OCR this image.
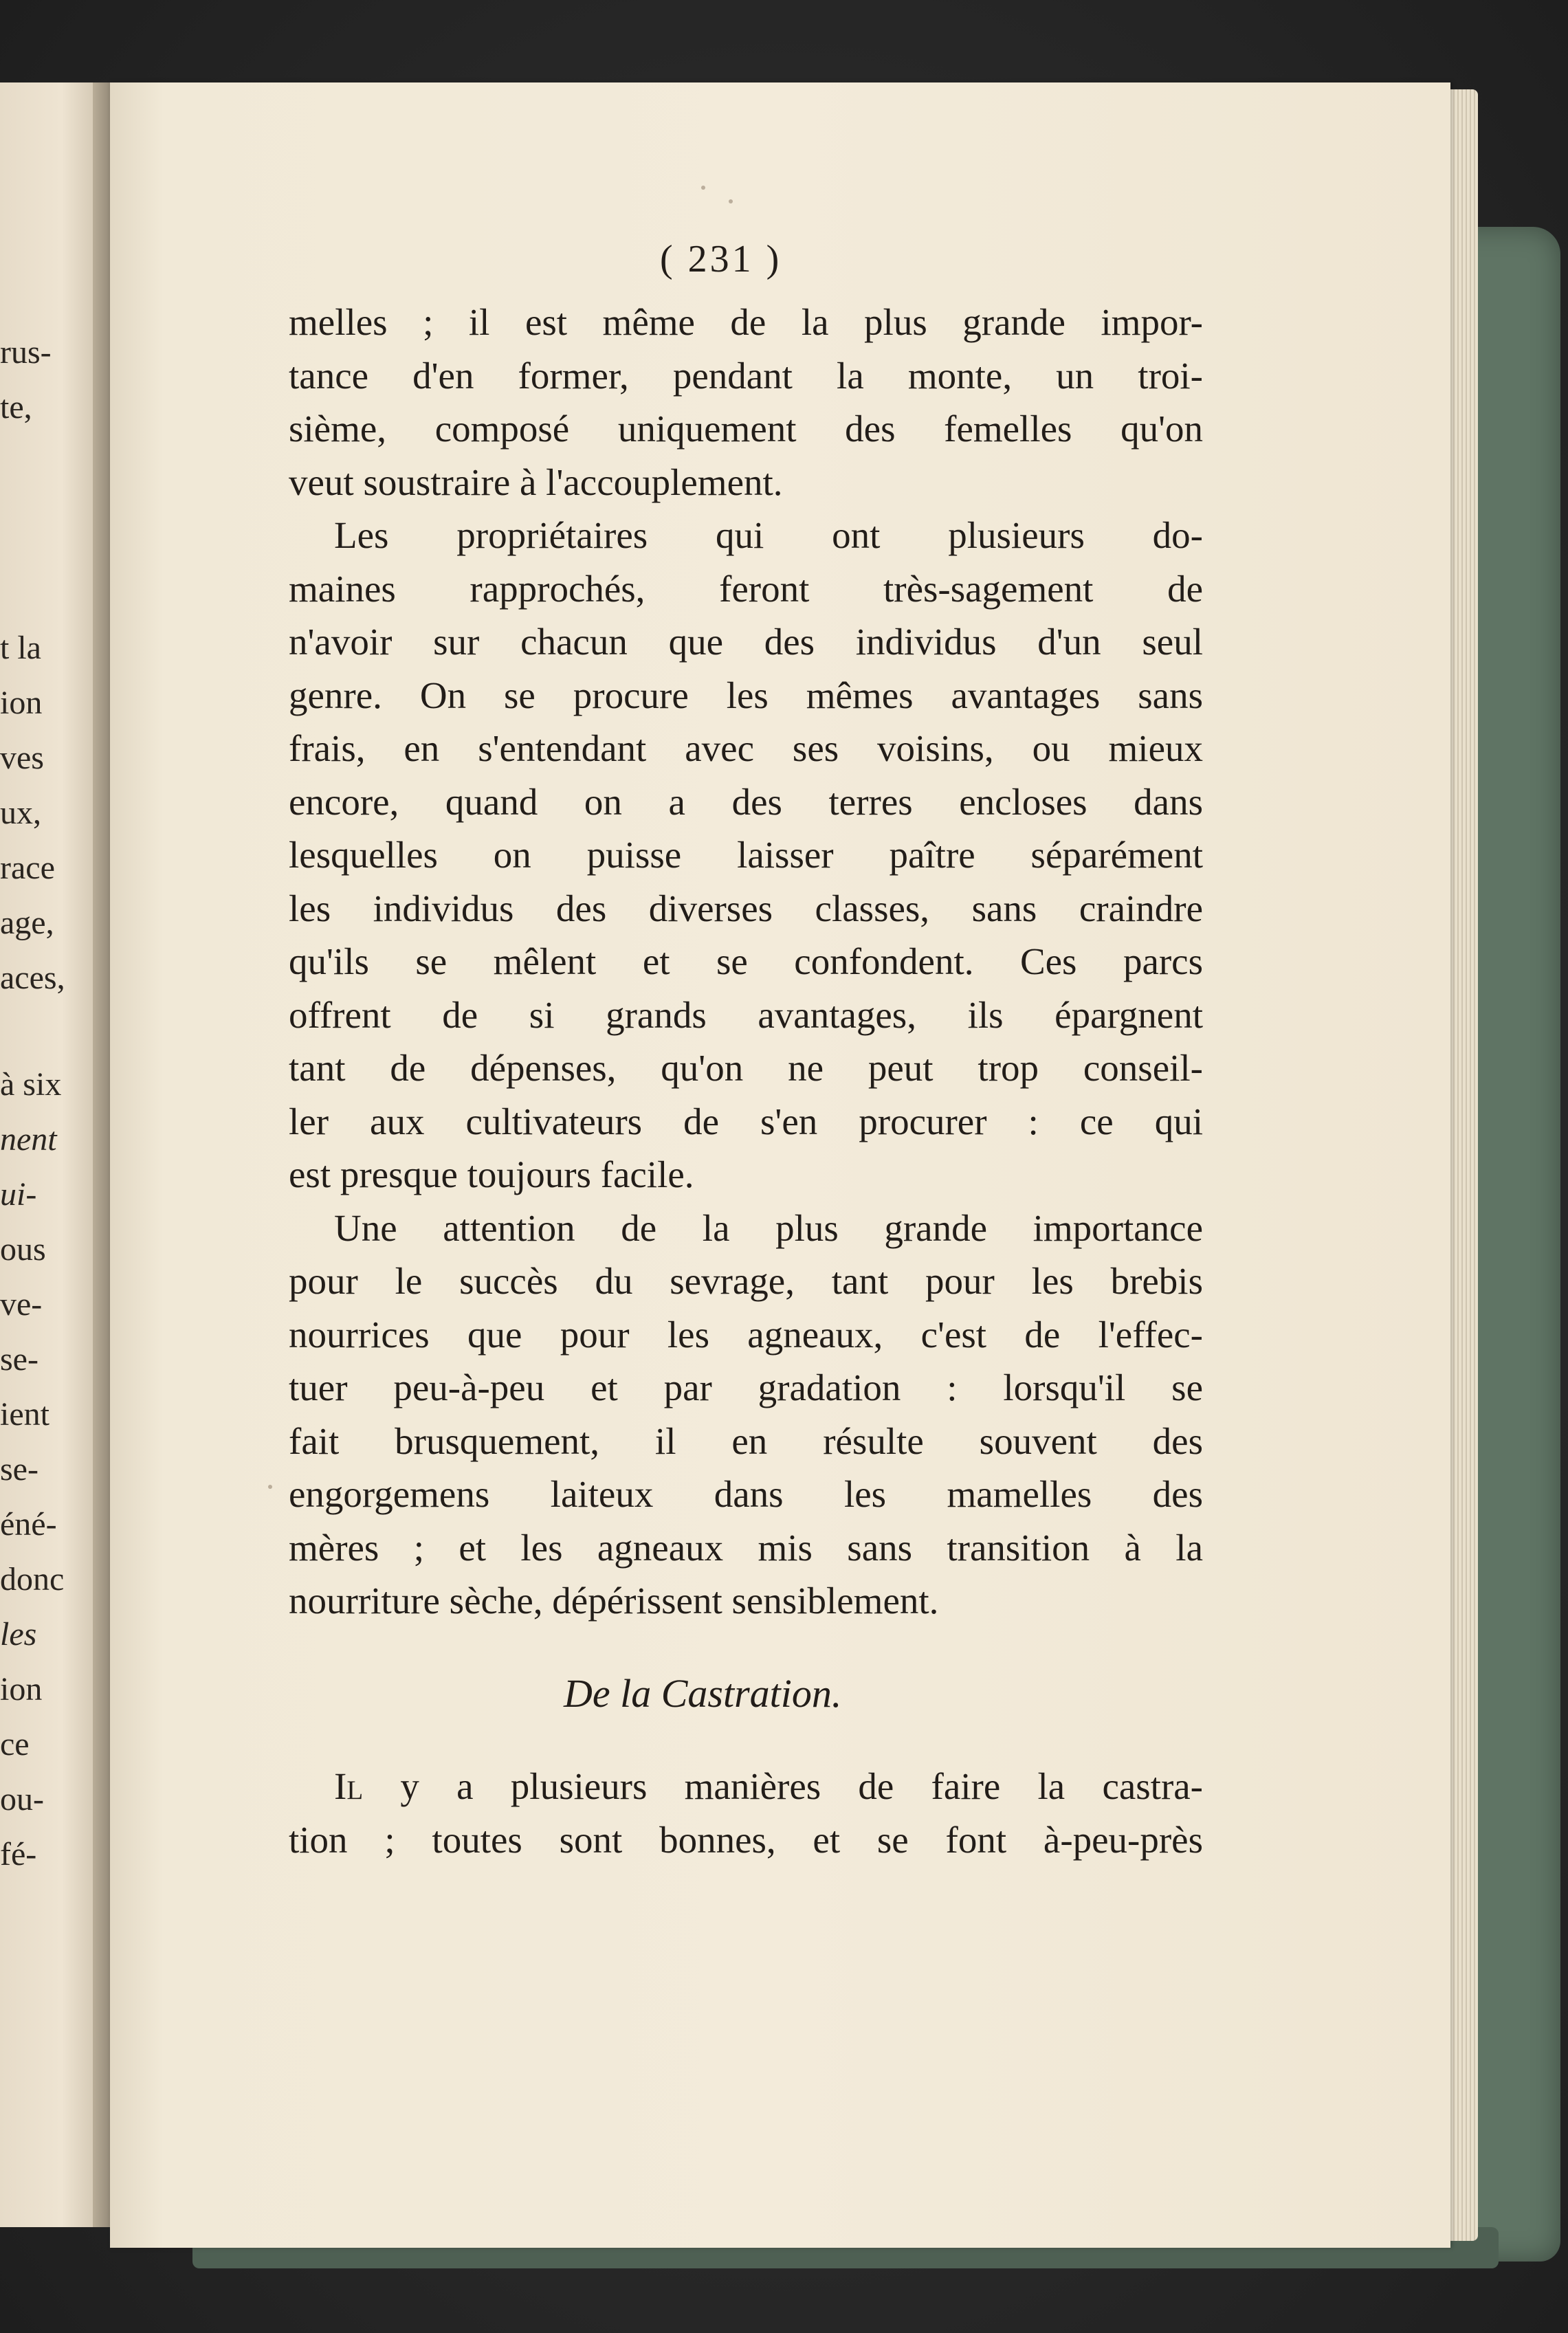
rus-
te,
t la
ion
ves
ux,
race
age,
aces,
à six
nent
ui-
ous
ve-
se-
ient
se-
éné-
donc
les
ion
ce
ou-
fé-
( 231 )
melles ; il est même de la plus grande impor-
tance d'en former, pendant la monte, un troi-
sième, composé uniquement des femelles qu'on
veut soustraire à l'accouplement.
Les propriétaires qui ont plusieurs do-
maines rapprochés, feront très-sagement de
n'avoir sur chacun que des individus d'un seul
genre. On se procure les mêmes avantages sans
frais, en s'entendant avec ses voisins, ou mieux
encore, quand on a des terres encloses dans
lesquelles on puisse laisser paître séparément
les individus des diverses classes, sans craindre
qu'ils se mêlent et se confondent. Ces parcs
offrent de si grands avantages, ils épargnent
tant de dépenses, qu'on ne peut trop conseil-
ler aux cultivateurs de s'en procurer : ce qui
est presque toujours facile.
Une attention de la plus grande importance
pour le succès du sevrage, tant pour les brebis
nourrices que pour les agneaux, c'est de l'effec-
tuer peu-à-peu et par gradation : lorsqu'il se
fait brusquement, il en résulte souvent des
engorgemens laiteux dans les mamelles des
mères ; et les agneaux mis sans transition à la
nourriture sèche, dépérissent sensiblement.
De la Castration.
Il y a plusieurs manières de faire la castra-
tion ; toutes sont bonnes, et se font à-peu-près
